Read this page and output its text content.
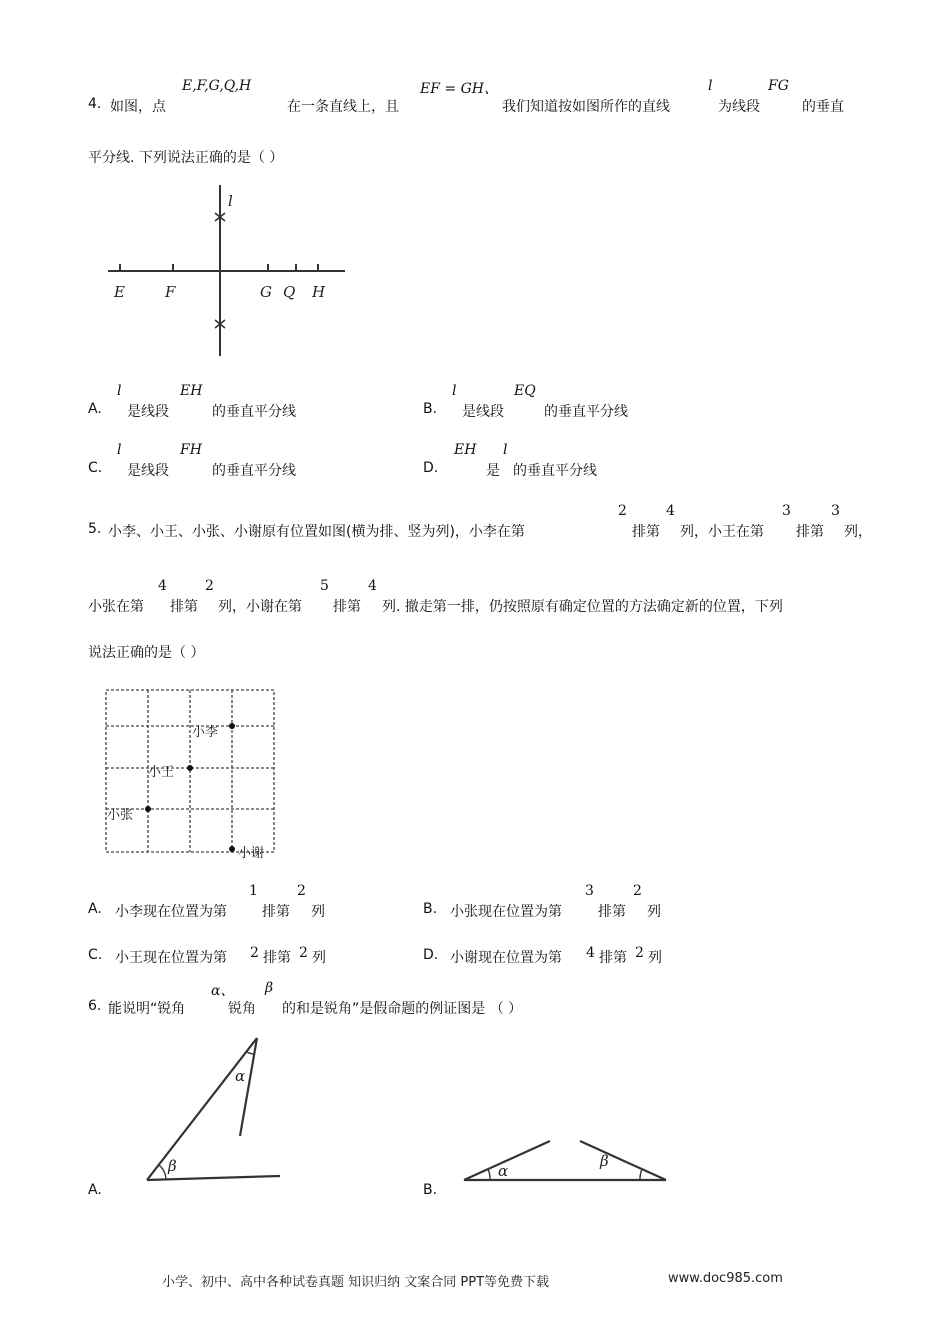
4. 如图，点
E,F,G,Q,H
在一条直线上，且
EF = GH、
我们知道按如图所作的直线
l
为线段
FG
的垂直
平分线. 下列说法正确的是（ ）
l
E	F	G Q H
A.
l
是线段
EH
的垂直平分线	B.
l
是线段
EQ
的垂直平分线
C.
l
是线段
FH
的垂直平分线	D.
EH
是
l
的垂直平分线
5. 小李、小王、小张、小谢原有位置如图(横为排、竖为列)，小李在第
2
排第
4
列，小王在第
3
排第
3
列，
小张在第
4
排第
2
列，小谢在第
5
排第
4
列. 撤走第一排，仍按照原有确定位置的方法确定新的位置，下列
说法正确的是（ ）
小李
小王
小张
小谢
A. 小李现在位置为第
1
排第
2
列	B. 小张现在位置为第
3
排第
2
列
C. 小王现在位置为第 2 排第 2 列	D. 小谢现在位置为第 4 排第 2 列
6. 能说明“锐角
α、
锐角
β
的和是锐角”是假命题的例证图是 （ ）
A.
β
α
B.
α
β
小学、初中、高中各种试卷真题 知识归纳 文案合同 PPT等免费下载	www.doc985.com
